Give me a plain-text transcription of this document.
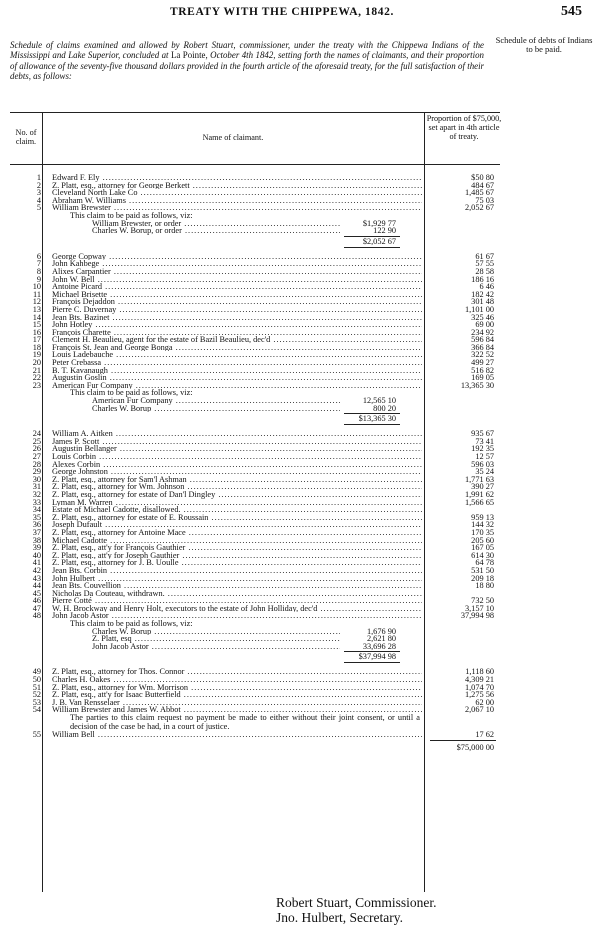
TREATY WITH THE CHIPPEWA, 1842.	545
Schedule of debts of Indians to be paid.
Schedule of claims examined and allowed by Robert Stuart, commissioner, under the treaty with the Chippewa Indians of the Mississippi and Lake Superior, concluded at La Pointe, October 4th 1842, setting forth the names of claimants, and their proportion of allowance of the seventy-five thousand dollars provided in the fourth article of the aforesaid treaty, for the full satisfaction of their debts, as follows:
No. of claim.	Name of claimant.
Proportion of $75,000, set apart in 4th article of treaty.
1 Edward F. Ely .....	$50 80
2 Z. Platt, esq., attorney for George Berkett .....	484 67
3 Cleveland North Lake Co .....	1,485 67
4 Abraham W. Williams .....	75 03
5 William Brewster .....	2,052 67
This claim to be paid as follows, viz:
William Brewster, or order .....	$1,929 77
Charles W. Borup, or order .....	122 90
$2,052 67
6 George Copway .....	61 67
7 John Kahbege .....	57 55
8 Alixes Carpantier .....	28 58
9 John W. Bell .....	186 16
10 Antoine Picard .....	6 46
11 Michael Brisette .....	182 42
12 François Dejaddon .....	301 48
13 Pierre C. Duvernay .....	1,101 00
14 Jean Bts. Bazinet .....	325 46
15 John Hotley .....	69 00
16 François Charette .....	234 92
17 Clement H. Beaulieu, agent for the estate of Bazil Beaulieu, dec'd .....	596 84
18 François St. Jean and George Bonga .....	366 84
19 Louis Ladebauche .....	322 52
20 Peter Crebassa .....	499 27
21 B. T. Kavanaugh .....	516 82
22 Augustin Goslin .....	169 05
23 American Fur Company .....	13,365 30
This claim to be paid as follows, viz:
American Fur Company .....	12,565 10
Charles W. Borup .....	800 20
$13,365 30
24 William A. Aitken .....	935 67
25 James P. Scott .....	73 41
26 Augustin Bellanger .....	192 35
27 Louis Corbin .....	12 57
28 Alexes Corbin .....	596 03
29 George Johnston .....	35 24
30 Z. Platt, esq., attorney for Sam'l Ashman .....	1,771 63
31 Z. Platt, esq., attorney for Wm. Johnson .....	390 27
32 Z. Platt, esq., attorney for estate of Dan'l Dingley .....	1,991 62
33 Lyman M. Warren .....	1,566 65
34 Estate of Michael Cadotte, disallowed. .....
35 Z. Platt, esq., attorney for estate of E. Roussain .....	959 13
36 Joseph Dufault .....	144 32
37 Z. Platt, esq., attorney for Antoine Mace .....	170 35
38 Michael Cadotte .....	205 60
39 Z. Platt, esq., att'y for François Gauthier .....	167 05
40 Z. Platt, esq., att'y for Joseph Gauthier .....	614 30
41 Z. Platt, esq., attorney for J. B. Uoulle .....	64 78
42 Jean Bts. Corbin .....	531 50
43 John Hulbert .....	209 18
44 Jean Bts. Couvellion .....	18 80
45 Nicholas Da Couteau, withdrawn. .....
46 Pierre Cotté .....	732 50
47 W. H. Brockway and Henry Holt, executors to the estate of John Holliday, dec'd .....	3,157 10
48 John Jacob Astor .....	37,994 98
This claim to be paid as follows, viz:
Charles W. Borup .....	1,676 90
Z. Platt, esq .....	2,621 80
John Jacob Astor .....	33,696 28
$37,994 98
49 Z. Platt, esq., attorney for Thos. Connor .....	1,118 60
50 Charles H. Oakes .....	4,309 21
51 Z. Platt, esq., attorney for Wm. Morrison .....	1,074 70
52 Z. Platt, esq., att'y for Isaac Butterfield .....	1,275 56
53 J. B. Van Rensselaer .....	62 00
54 William Brewster and James W. Abbot .....	2,067 10
The parties to this claim request no payment be made to either without their joint consent, or until a decision of the case be had, in a court of justice.
55 William Bell .....	17 62
$75,000 00
Robert Stuart, Commissioner.
Jno. Hulbert, Secretary.
